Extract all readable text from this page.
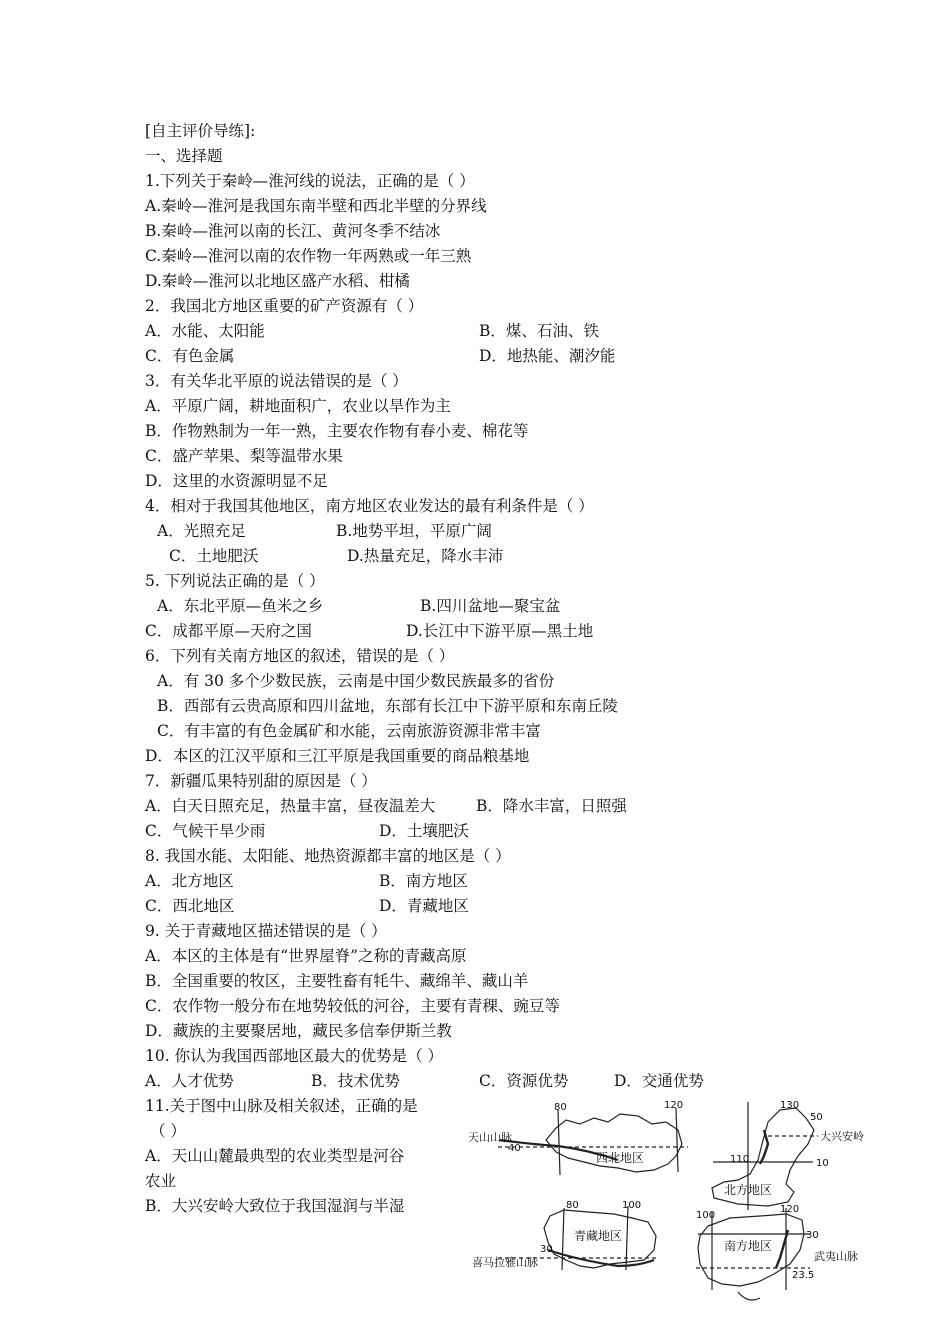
[自主评价导练]:
一、选择题
1.下列关于秦岭—淮河线的说法，正确的是（ ）
A.秦岭—淮河是我国东南半壁和西北半壁的分界线
B.秦岭—淮河以南的长江、黄河冬季不结冰
C.秦岭—淮河以南的农作物一年两熟或一年三熟
D.秦岭—淮河以北地区盛产水稻、柑橘
2．我国北方地区重要的矿产资源有（ ）
A．水能、太阳能	B．煤、石油、铁
C．有色金属	D．地热能、潮汐能
3．有关华北平原的说法错误的是（ ）
A．平原广阔，耕地面积广，农业以旱作为主
B．作物熟制为一年一熟，主要农作物有春小麦、棉花等
C．盛产苹果、梨等温带水果
D．这里的水资源明显不足
4．相对于我国其他地区，南方地区农业发达的最有利条件是（ ）
A．光照充足	B.地势平坦，平原广阔
C．土地肥沃	D.热量充足，降水丰沛
5. 下列说法正确的是（ ）
A．东北平原—鱼米之乡	B.四川盆地—聚宝盆
C．成都平原—天府之国	D.长江中下游平原—黑土地
6．下列有关南方地区的叙述，错误的是（ ）
A．有 30 多个少数民族，云南是中国少数民族最多的省份
B．西部有云贵高原和四川盆地，东部有长江中下游平原和东南丘陵
C．有丰富的有色金属矿和水能，云南旅游资源非常丰富
D．本区的江汉平原和三江平原是我国重要的商品粮基地
7．新疆瓜果特别甜的原因是（ ）
A．白天日照充足，热量丰富，昼夜温差大	B．降水丰富，日照强
C．气候干旱少雨	D．土壤肥沃
8. 我国水能、太阳能、地热资源都丰富的地区是（ ）
A．北方地区	B．南方地区
C．西北地区	D．青藏地区
9. 关于青藏地区描述错误的是（ ）
A．本区的主体是有“世界屋脊”之称的青藏高原
B．全国重要的牧区，主要牲畜有牦牛、藏绵羊、藏山羊
C．农作物一般分布在地势较低的河谷，主要有青稞、豌豆等
D．藏族的主要聚居地，藏民多信奉伊斯兰教
10. 你认为我国西部地区最大的优势是（ ）
A．人才优势	B．技术优势	C．资源优势	D．交通优势
11.关于图中山脉及相关叙述，正确的是
（ ）
A．天山山麓最典型的农业类型是河谷
农业
B．大兴安岭大致位于我国湿润与半湿
西北地区
北方地区
青藏地区
南方地区
天山山脉	大兴安岭
喜马拉雅山脉	武夷山脉
80	120
40
130
50
110	10
80	100
30
100
120
30
23.5
